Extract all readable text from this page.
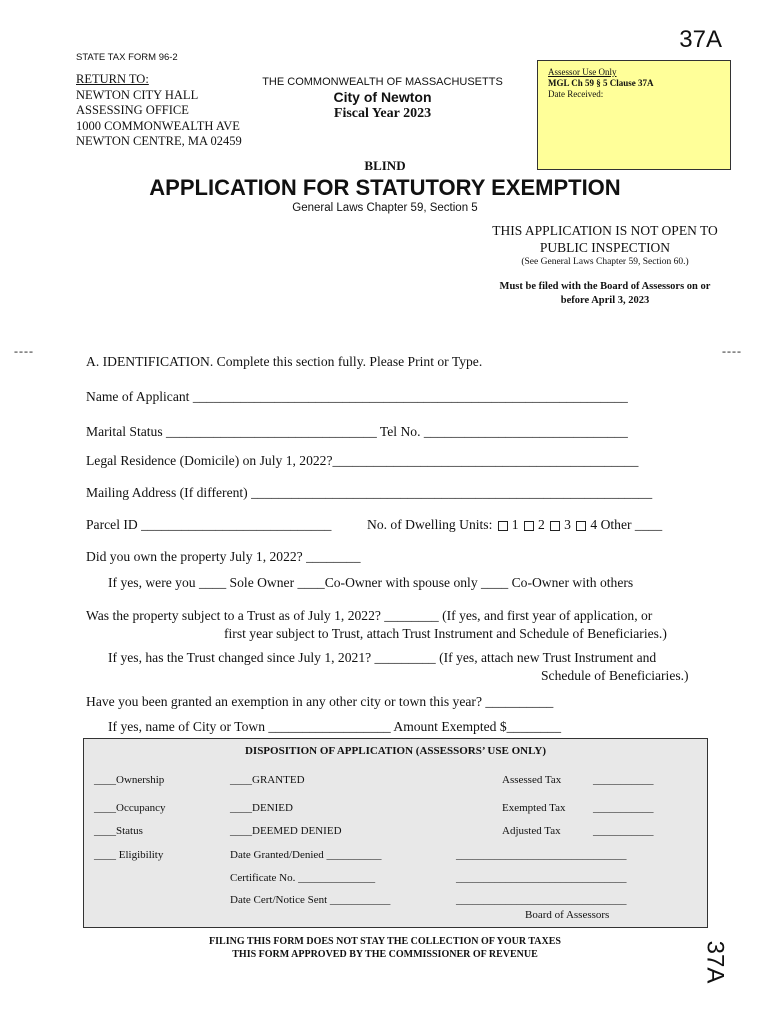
37A
STATE TAX FORM 96-2
RETURN TO:
NEWTON CITY HALL
ASSESSING OFFICE
1000 COMMONWEALTH AVE
NEWTON CENTRE, MA 02459
THE COMMONWEALTH OF MASSACHUSETTS
City of Newton
Fiscal Year 2023
Assessor Use Only
MGL Ch 59 § 5 Clause 37A
Date Received:
BLIND
APPLICATION FOR STATUTORY EXEMPTION
General Laws Chapter 59, Section 5
THIS APPLICATION IS NOT OPEN TO
PUBLIC INSPECTION
(See General Laws Chapter 59, Section 60.)
Must be filed with the Board of Assessors on or
before April 3, 2023
----	----
A. IDENTIFICATION. Complete this section fully. Please Print or Type.
Name of Applicant ________________________________________________________________
Marital Status _______________________________ Tel No. ______________________________
Legal Residence (Domicile) on July 1, 2022?_____________________________________________
Mailing Address (If different) ___________________________________________________________
Parcel ID ____________________________	No. of Dwelling Units: 1 2 3 4 Other ____
Did you own the property July 1, 2022? ________
If yes, were you ____ Sole Owner ____Co-Owner with spouse only ____ Co-Owner with others
Was the property subject to a Trust as of July 1, 2022? ________ (If yes, and first year of application, or
first year subject to Trust, attach Trust Instrument and Schedule of Beneficiaries.)
If yes, has the Trust changed since July 1, 2021? _________ (If yes, attach new Trust Instrument and
Schedule of Beneficiaries.)
Have you been granted an exemption in any other city or town this year? __________
If yes, name of City or Town __________________ Amount Exempted $________
DISPOSITION OF APPLICATION (ASSESSORS’ USE ONLY)
____Ownership
____Occupancy
____Status
____ Eligibility
____GRANTED
____DENIED
____DEEMED DENIED
Date Granted/Denied __________
Certificate No. ______________
Date Cert/Notice Sent ___________
Assessed Tax
Exempted Tax
Adjusted Tax
___________
___________
___________
_______________________________
_______________________________
_______________________________
Board of Assessors
37A
FILING THIS FORM DOES NOT STAY THE COLLECTION OF YOUR TAXES
THIS FORM APPROVED BY THE COMMISSIONER OF REVENUE
